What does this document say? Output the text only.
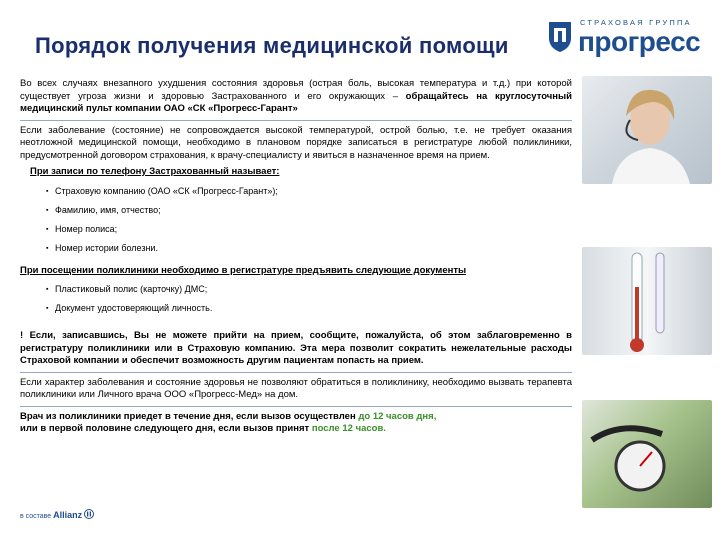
Порядок получения медицинской помощи
СТРАХОВАЯ ГРУППА
прогресс

Во всех случаях внезапного ухудшения состояния здоровья (острая боль, высокая температура и т.д.) при которой существует угроза жизни и здоровью Застрахованного и его окружающих – обращайтесь на круглосуточный медицинский пульт компании ОАО «СК «Прогресс-Гарант»

Если заболевание (состояние) не сопровождается высокой температурой, острой болью, т.е. не требует оказания неотложной медицинской помощи, необходимо в плановом порядке записаться в регистратуре любой поликлиники, предусмотренной договором страхования, к врачу-специалисту и явиться в назначенное время на прием.

При записи по телефону Застрахованный называет:
▪ Страховую компанию (ОАО «СК «Прогресс-Гарант»);
▪ Фамилию, имя, отчество;
▪ Номер полиса;
▪ Номер истории болезни.
При посещении поликлиники необходимо в регистратуре предъявить следующие документы
▪ Пластиковый полис (карточку) ДМС;
▪ Документ удостоверяющий личность.

! Если, записавшись, Вы не можете прийти на прием, сообщите, пожалуйста, об этом заблаговременно в регистратуру поликлиники или в Страховую компанию. Эта мера позволит сократить нежелательные расходы Страховой компании и обеспечит возможность другим пациентам попасть на прием.

Если характер заболевания и состояние здоровья не позволяют обратиться в поликлинику, необходимо вызвать терапевта поликлиники или Личного врача ООО «Прогресс-Мед» на дом.

Врач из поликлиники приедет в течение дня, если вызов осуществлен до 12 часов дня,
или в первой половине следующего дня, если вызов принят после 12 часов.

в составе Allianz
